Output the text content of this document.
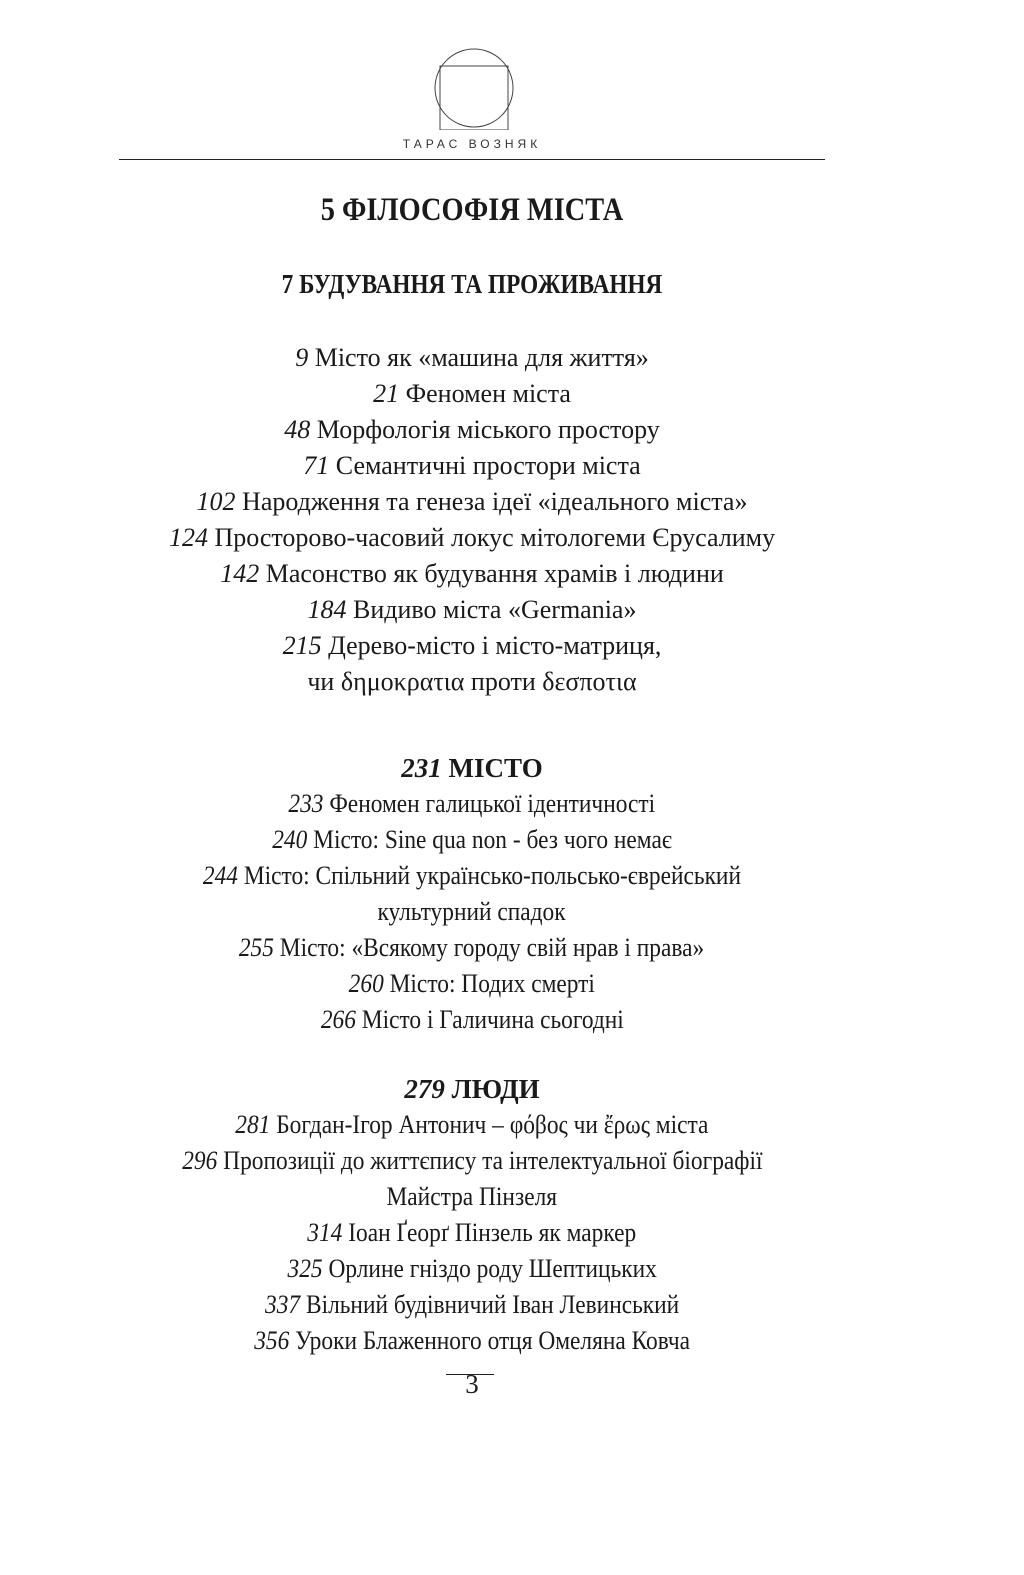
ТАРАС ВОЗНЯК
5 ФІЛОСОФІЯ МІСТА
7 БУДУВАННЯ ТА ПРОЖИВАННЯ
9 Місто як «машина для життя»
21 Феномен міста
48 Морфологія міського простору
71 Семантичні простори міста
102 Народження та генеза ідеї «ідеального міста»
124 Просторово-часовий локус мітологеми Єрусалиму
142 Масонство як будування храмів і людини
184 Видиво міста «Germania»
215 Дерево-місто і місто-матриця,
чи δημοκρατια проти δεσποτια
231 МІСТО
233 Феномен галицької ідентичності
240 Місто: Sine qua non - без чого немає
244 Місто: Спільний українсько-польсько-єврейський
культурний спадок
255 Місто: «Всякому городу свій нрав і права»
260 Місто: Подих смерті
266 Місто і Галичина сьогодні
279 ЛЮДИ
281 Богдан-Ігор Антонич – φόβος чи ἔρως міста
296 Пропозиції до життєпису та інтелектуальної біографії
Майстра Пінзеля
314 Іоан Ґеорґ Пінзель як маркер
325 Орлине гніздо роду Шептицьких
337 Вільний будівничий Іван Левинський
356 Уроки Блаженного отця Омеляна Ковча
3
